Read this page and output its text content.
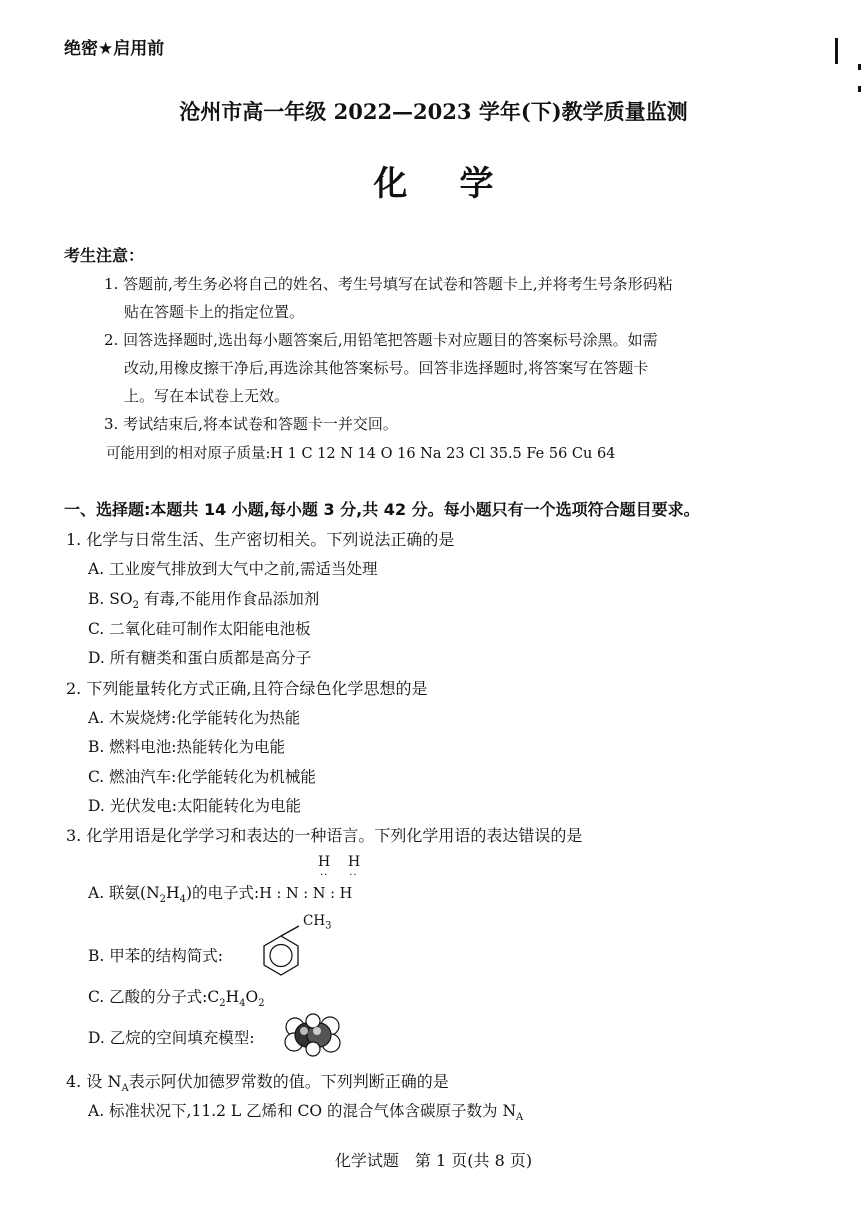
绝密★启用前
沧州市高一年级 2022—2023 学年(下)教学质量监测
化学
考生注意：
1. 答题前,考生务必将自己的姓名、考生号填写在试卷和答题卡上,并将考生号条形码粘
贴在答题卡上的指定位置。
2. 回答选择题时,选出每小题答案后,用铅笔把答题卡对应题目的答案标号涂黑。如需
改动,用橡皮擦干净后,再选涂其他答案标号。回答非选择题时,将答案写在答题卡
上。写在本试卷上无效。
3. 考试结束后,将本试卷和答题卡一并交回。
可能用到的相对原子质量:H 1 C 12 N 14 O 16 Na 23 Cl 35.5 Fe 56 Cu 64
一、选择题:本题共 14 小题,每小题 3 分,共 42 分。每小题只有一个选项符合题目要求。
1. 化学与日常生活、生产密切相关。下列说法正确的是
A. 工业废气排放到大气中之前,需适当处理
B. $SO_2$ 有毒,不能用作食品添加剂
C. 二氧化硅可制作太阳能电池板
D. 所有糖类和蛋白质都是高分子
2. 下列能量转化方式正确,且符合绿色化学思想的是
A. 木炭烧烤:化学能转化为热能
B. 燃料电池:热能转化为电能
C. 燃油汽车:化学能转化为机械能
D. 光伏发电:太阳能转化为电能
3. 化学用语是化学学习和表达的一种语言。下列化学用语的表达错误的是
H H
··     ··
A. 联氨$(N_2H_4)$的电子式:H : N : N : H
$CH_3$
B. 甲苯的结构简式:
C. 乙酸的分子式$:C_2H_4O_2$
D. 乙烷的空间填充模型:
4. 设 $N_A$表示阿伏加德罗常数的值。下列判断正确的是
A. 标准状况下,11.2 L 乙烯和 CO 的混合气体含碳原子数为 $N_A$
化学试题　第 1 页(共 8 页)
